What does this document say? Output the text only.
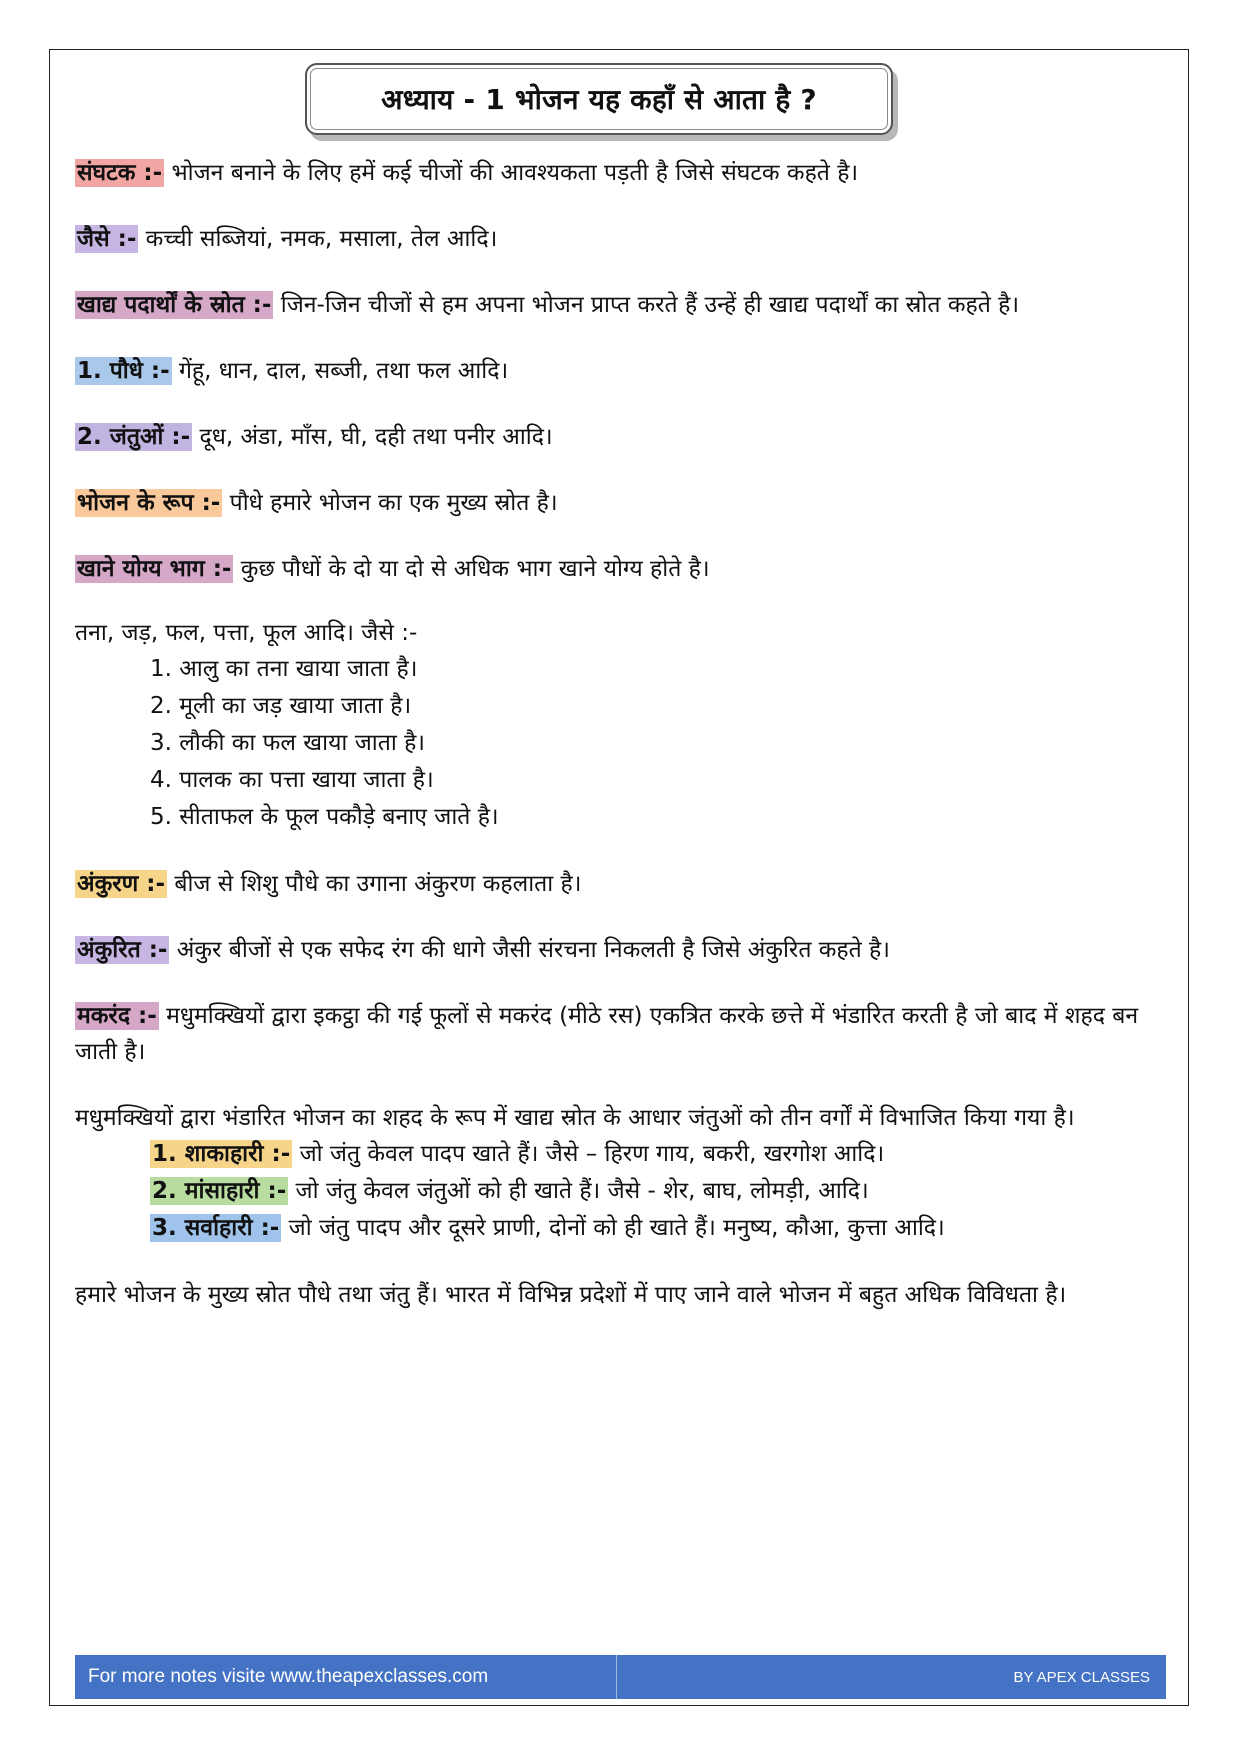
अध्याय - 1 भोजन यह कहाँ से आता है ?

संघटक :- भोजन बनाने के लिए हमें कई चीजों की आवश्यकता पड़ती है जिसे संघटक कहते है।

जैसे :- कच्ची सब्जियां, नमक, मसाला, तेल आदि।

खाद्य पदार्थों के स्रोत :- जिन-जिन चीजों से हम अपना भोजन प्राप्त करते हैं उन्हें ही खाद्य पदार्थों का स्रोत कहते है।

1. पौधे :- गेंहू, धान, दाल, सब्जी, तथा फल आदि।

2. जंतुओं :- दूध, अंडा, माँस, घी, दही तथा पनीर आदि।

भोजन के रूप :- पौधे हमारे भोजन का एक मुख्य स्रोत है।

खाने योग्य भाग :- कुछ पौधों के दो या दो से अधिक भाग खाने योग्य होते है।

तना, जड़, फल, पत्ता, फूल आदि। जैसे :-

1. आलु का तना खाया जाता है।
2. मूली का जड़ खाया जाता है।
3. लौकी का फल खाया जाता है।
4. पालक का पत्ता खाया जाता है।
5. सीताफल के फूल पकौड़े बनाए जाते है।

अंकुरण :- बीज से शिशु पौधे का उगाना अंकुरण कहलाता है।

अंकुरित :- अंकुर बीजों से एक सफेद रंग की धागे जैसी संरचना निकलती है जिसे अंकुरित कहते है।

मकरंद :- मधुमक्खियों द्वारा इकट्ठा की गई फूलों से मकरंद (मीठे रस) एकत्रित करके छत्ते में भंडारित करती है जो बाद में शहद बन जाती है।

मधुमक्खियों द्वारा भंडारित भोजन का शहद के रूप में खाद्य स्रोत के आधार जंतुओं को तीन वर्गों में विभाजित किया गया है।

1. शाकाहारी :- जो जंतु केवल पादप खाते हैं। जैसे – हिरण गाय, बकरी, खरगोश आदि।
2. मांसाहारी :- जो जंतु केवल जंतुओं को ही खाते हैं। जैसे - शेर, बाघ, लोमड़ी, आदि।
3. सर्वाहारी :- जो जंतु पादप और दूसरे प्राणी, दोनों को ही खाते हैं। मनुष्य, कौआ, कुत्ता आदि।

हमारे भोजन के मुख्य स्रोत पौधे तथा जंतु हैं। भारत में विभिन्न प्रदेशों में पाए जाने वाले भोजन में बहुत अधिक विविधता है।

For more notes visite www.theapexclasses.com	BY APEX CLASSES
